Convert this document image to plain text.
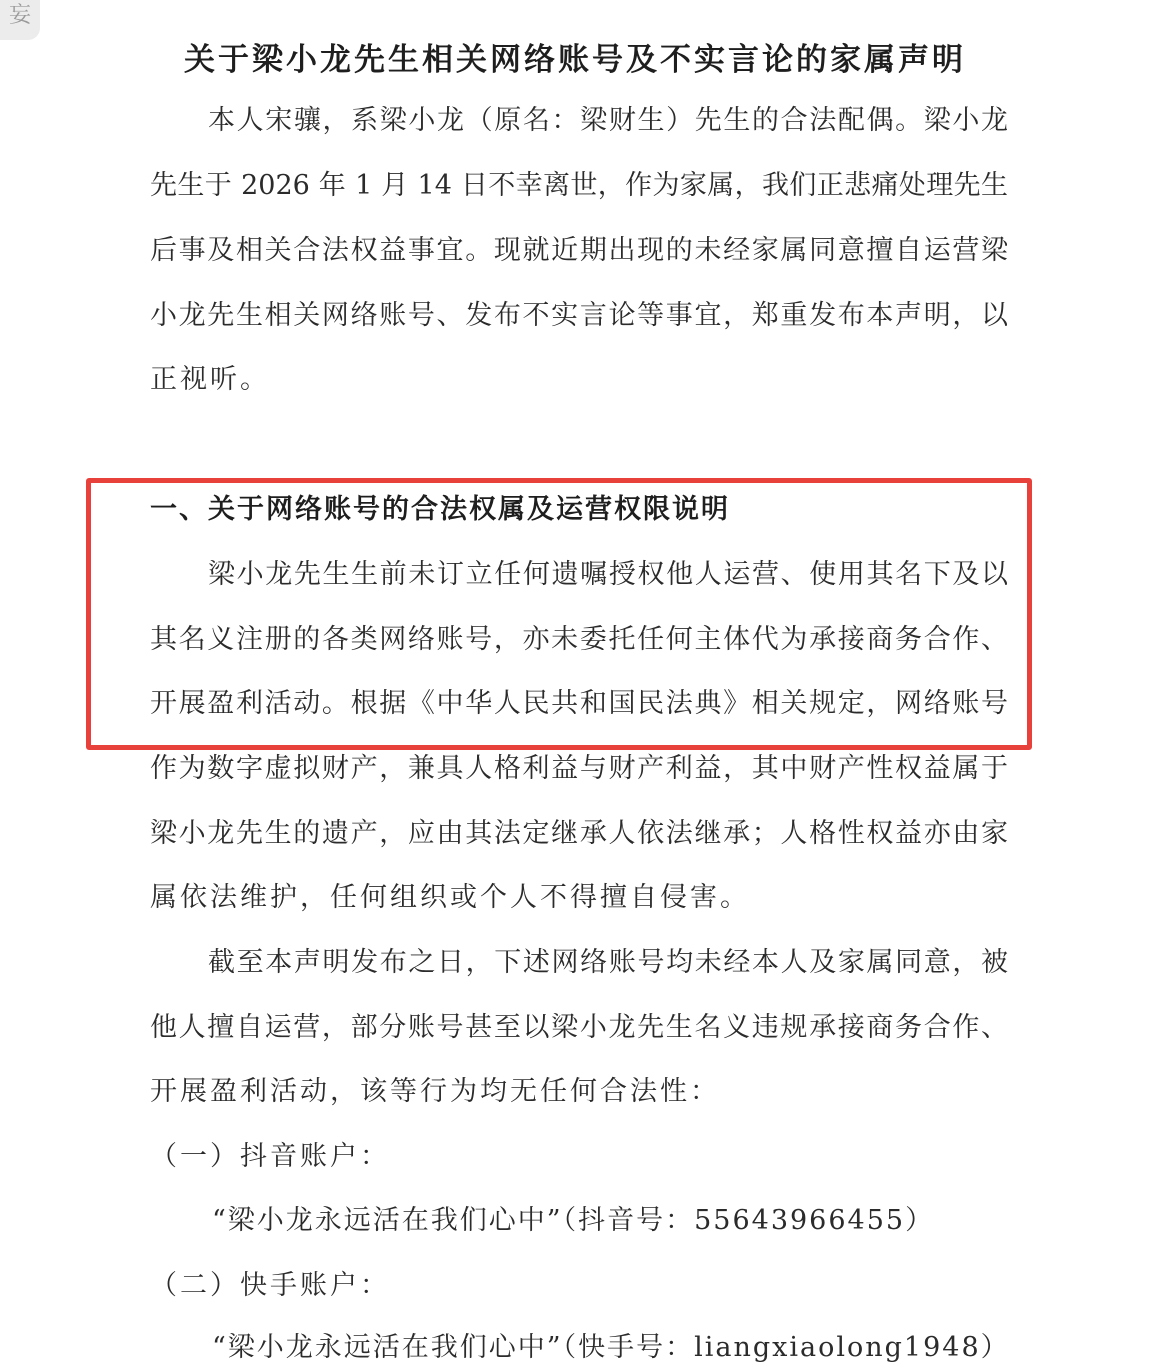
妄
关于梁小龙先生相关网络账号及不实言论的家属声明
本人宋骧，系梁小龙（原名：梁财生）先生的合法配偶。梁小龙
先生于 2026 年 1 月 14 日不幸离世，作为家属，我们正悲痛处理先生
后事及相关合法权益事宜。现就近期出现的未经家属同意擅自运营梁
小龙先生相关网络账号、发布不实言论等事宜，郑重发布本声明，以
正视听。
一、关于网络账号的合法权属及运营权限说明
梁小龙先生生前未订立任何遗嘱授权他人运营、使用其名下及以
其名义注册的各类网络账号，亦未委托任何主体代为承接商务合作、
开展盈利活动。根据《中华人民共和国民法典》相关规定，网络账号
作为数字虚拟财产，兼具人格利益与财产利益，其中财产性权益属于
梁小龙先生的遗产，应由其法定继承人依法继承；人格性权益亦由家
属依法维护，任何组织或个人不得擅自侵害。
截至本声明发布之日，下述网络账号均未经本人及家属同意，被
他人擅自运营，部分账号甚至以梁小龙先生名义违规承接商务合作、
开展盈利活动，该等行为均无任何合法性：
（一）抖音账户：
“梁小龙永远活在我们心中”（抖音号：55643966455）
（二）快手账户：
“梁小龙永远活在我们心中”（快手号：liangxiaolong1948）
